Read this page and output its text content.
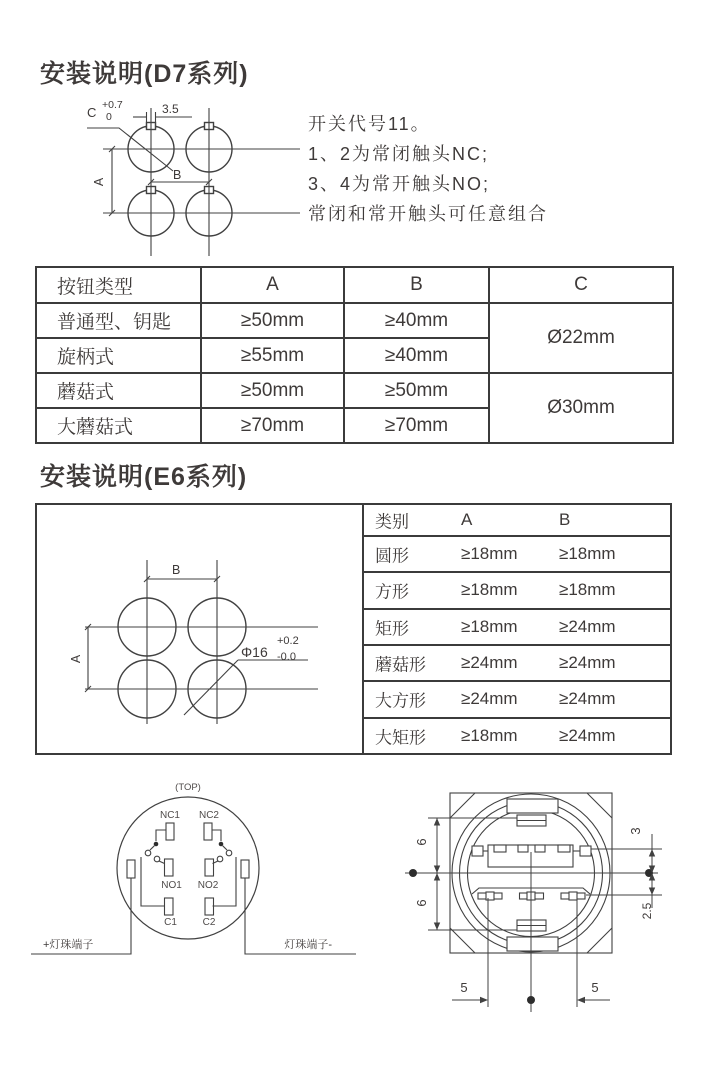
安装说明(D7系列)
C +0.7
0
3.5
B
A
开关代号11。
1、2为常闭触头NC;
3、4为常开触头NO;
常闭和常开触头可任意组合
按钮类型	A	B	C
普通型、钥匙	≥50mm	≥40mm	Ø22mm
旋柄式	≥55mm	≥40mm	
蘑菇式	≥50mm	≥50mm	Ø30mm
大蘑菇式	≥70mm	≥70mm	
安装说明(E6系列)
B
A	Φ16
+0.2
-0.0
类别	A	B
圆形	≥18mm ≥18mm
方形	≥18mm ≥18mm
矩形	≥18mm ≥24mm
蘑菇形 ≥24mm ≥24mm
大方形 ≥24mm ≥24mm
大矩形 ≥18mm ≥24mm
(TOP)
NC1 NC2
NO1 NO2
C1	C2
+灯珠端子	灯珠端子-
6
6
3
2.5
5	5
